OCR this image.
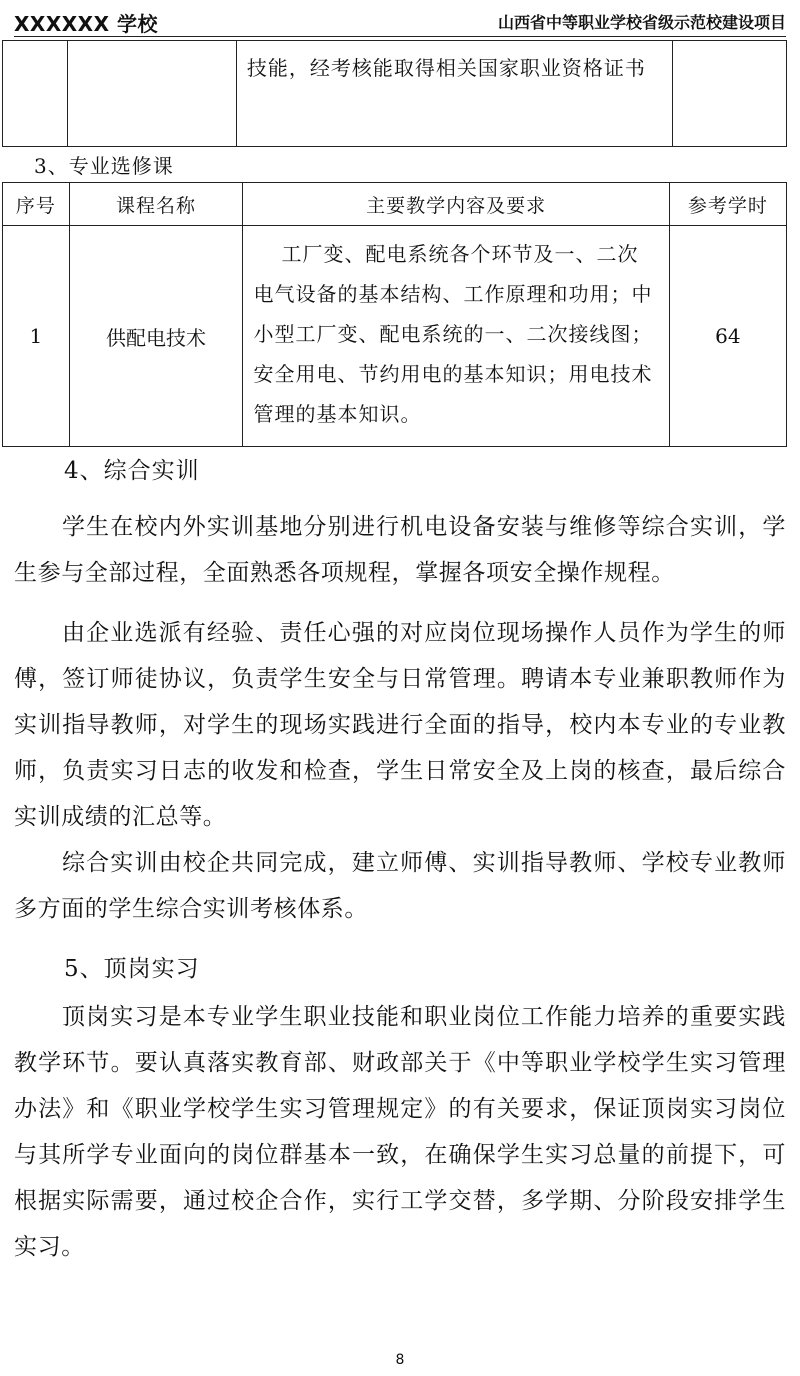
XXXXXX 学校	山西省中等职业学校省级示范校建设项目
		技能，经考核能取得相关国家职业资格证书	
3、专业选修课
序号	课程名称	主要教学内容及要求	参考学时
1	供配电技术	工厂变、配电系统各个环节及一、二次电气设备的基本结构、工作原理和功用；中小型工厂变、配电系统的一、二次接线图；安全用电、节约用电的基本知识；用电技术管理的基本知识。	64
4、综合实训

学生在校内外实训基地分别进行机电设备安装与维修等综合实训，学生参与全部过程，全面熟悉各项规程，掌握各项安全操作规程。

由企业选派有经验、责任心强的对应岗位现场操作人员作为学生的师傅，签订师徒协议，负责学生安全与日常管理。聘请本专业兼职教师作为实训指导教师，对学生的现场实践进行全面的指导，校内本专业的专业教师，负责实习日志的收发和检查，学生日常安全及上岗的核查，最后综合实训成绩的汇总等。

综合实训由校企共同完成，建立师傅、实训指导教师、学校专业教师多方面的学生综合实训考核体系。

5、顶岗实习

顶岗实习是本专业学生职业技能和职业岗位工作能力培养的重要实践教学环节。要认真落实教育部、财政部关于《中等职业学校学生实习管理办法》和《职业学校学生实习管理规定》的有关要求，保证顶岗实习岗位与其所学专业面向的岗位群基本一致，在确保学生实习总量的前提下，可根据实际需要，通过校企合作，实行工学交替，多学期、分阶段安排学生实习。

8
